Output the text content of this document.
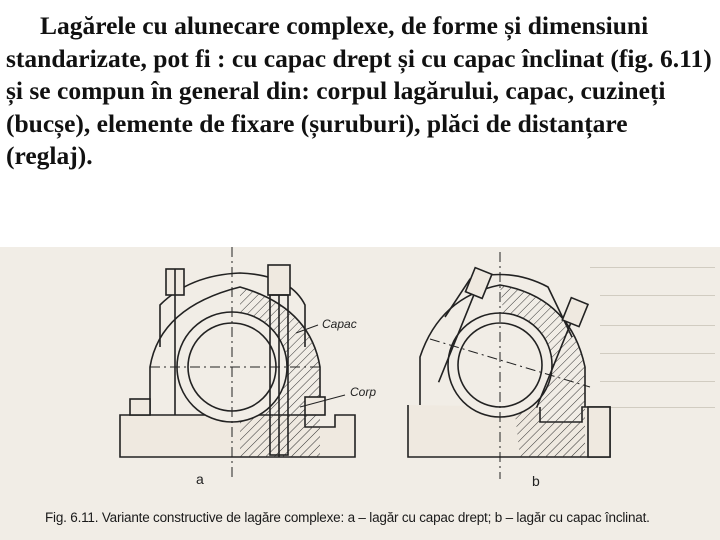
Lagărele cu alunecare complexe, de forme și dimensiuni standarizate, pot fi : cu capac drept și cu capac înclinat (fig. 6.11) și se compun în general din: corpul lagărului, capac, cuzineți (bucșe), elemente de fixare (șuruburi), plăci de distanțare (reglaj).

Capac
Corp
a	b
Fig. 6.11. Variante constructive de lagăre complexe: a – lagăr cu capac drept; b – lagăr cu capac înclinat.
